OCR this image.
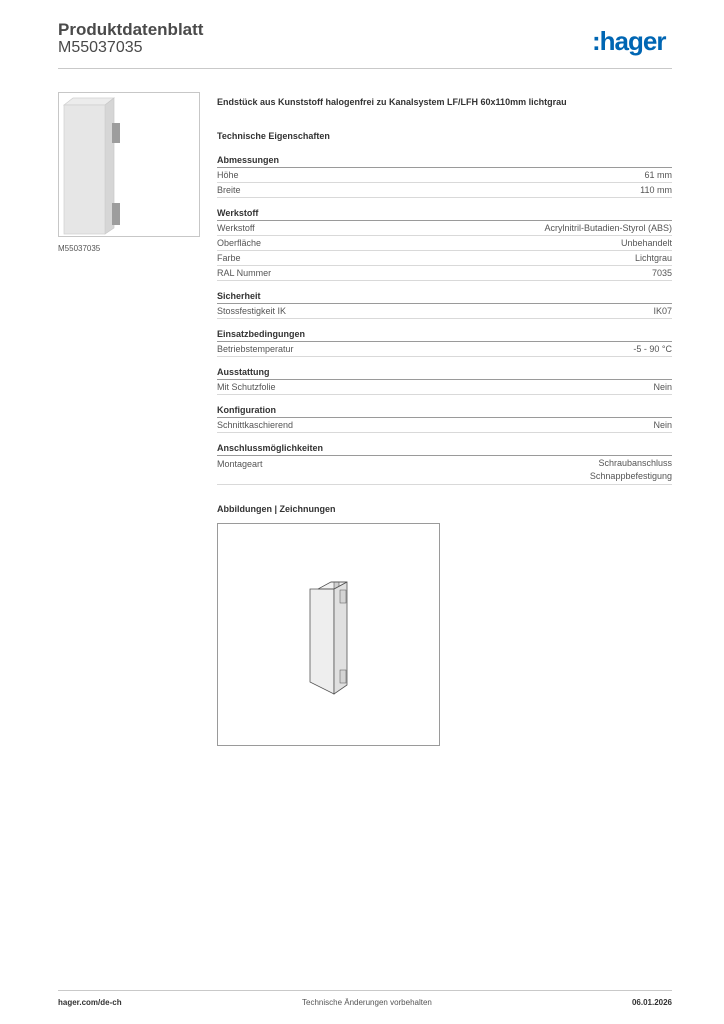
Produktdatenblatt
M55037035	:hager
M55037035
Endstück aus Kunststoff halogenfrei zu Kanalsystem LF/LFH 60x110mm lichtgrau
Technische Eigenschaften
Abmessungen
Höhe	61 mm
Breite	110 mm
Werkstoff
Werkstoff	Acrylnitril-Butadien-Styrol (ABS)
Oberfläche	Unbehandelt
Farbe	Lichtgrau
RAL Nummer	7035
Sicherheit
Stossfestigkeit IK	IK07
Einsatzbedingungen
Betriebstemperatur	-5 - 90 °C
Ausstattung
Mit Schutzfolie	Nein
Konfiguration
Schnittkaschierend	Nein
Anschlussmöglichkeiten
Montageart	Schraubanschluss
Schnappbefestigung
Abbildungen | Zeichnungen
hager.com/de-ch	Technische Änderungen vorbehalten	06.01.2026
